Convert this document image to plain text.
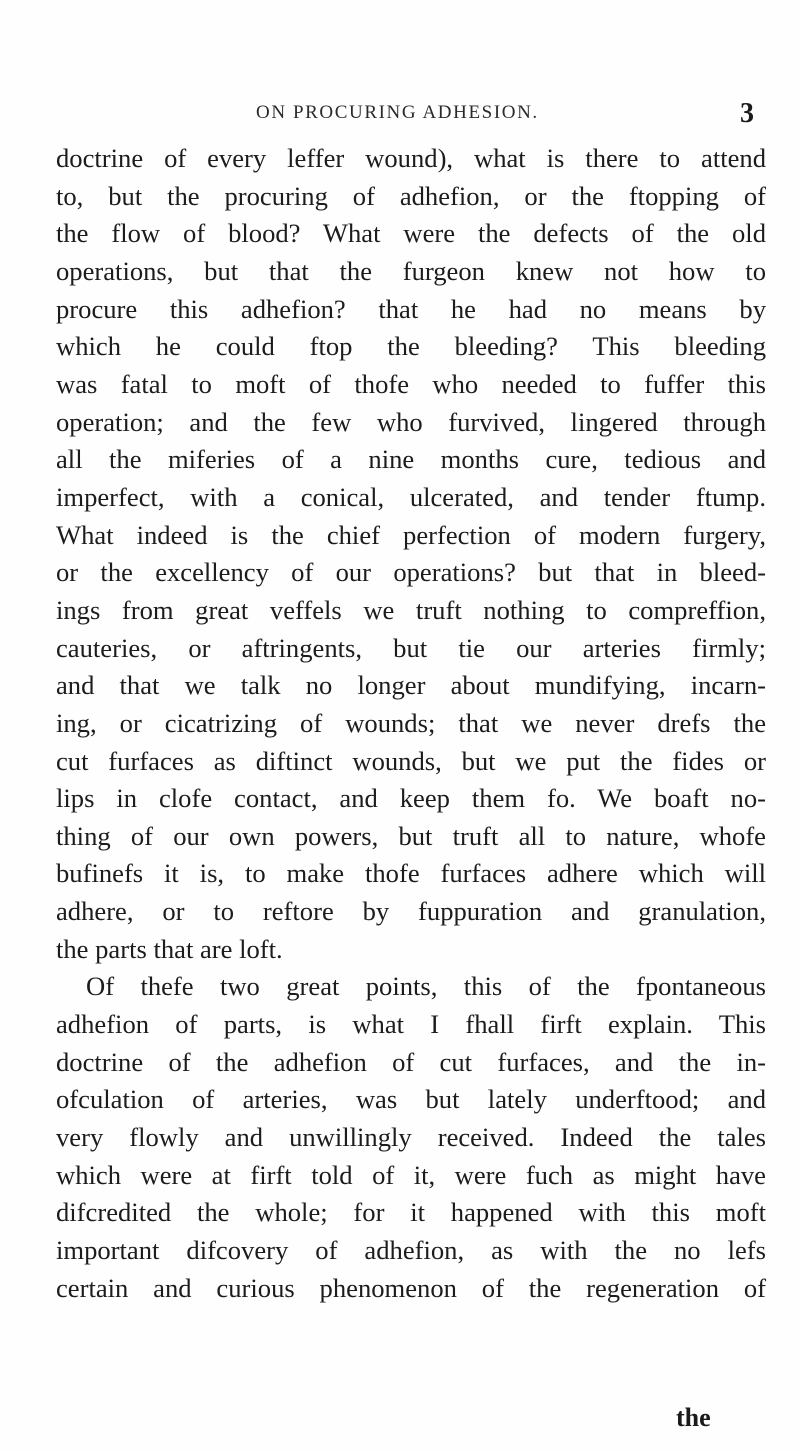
ON PROCURING ADHESION.	3
doctrine of every leffer wound), what is there to attend
to, but the procuring of adhefion, or the ftopping of
the flow of blood? What were the defects of the old
operations, but that the furgeon knew not how to
procure this adhefion? that he had no means by
which he could ftop the bleeding? This bleeding
was fatal to moft of thofe who needed to fuffer this
operation; and the few who furvived, lingered through
all the miferies of a nine months cure, tedious and
imperfect, with a conical, ulcerated, and tender ftump.
What indeed is the chief perfection of modern furgery,
or the excellency of our operations? but that in bleed-
ings from great veffels we truft nothing to compreffion,
cauteries, or aftringents, but tie our arteries firmly;
and that we talk no longer about mundifying, incarn-
ing, or cicatrizing of wounds; that we never drefs the
cut furfaces as diftinct wounds, but we put the fides or
lips in clofe contact, and keep them fo. We boaft no-
thing of our own powers, but truft all to nature, whofe
bufinefs it is, to make thofe furfaces adhere which will
adhere, or to reftore by fuppuration and granulation,
the parts that are loft.
Of thefe two great points, this of the fpontaneous
adhefion of parts, is what I fhall firft explain. This
doctrine of the adhefion of cut furfaces, and the in-
ofculation of arteries, was but lately underftood; and
very flowly and unwillingly received. Indeed the tales
which were at firft told of it, were fuch as might have
difcredited the whole; for it happened with this moft
important difcovery of adhefion, as with the no lefs
certain and curious phenomenon of the regeneration of
the
